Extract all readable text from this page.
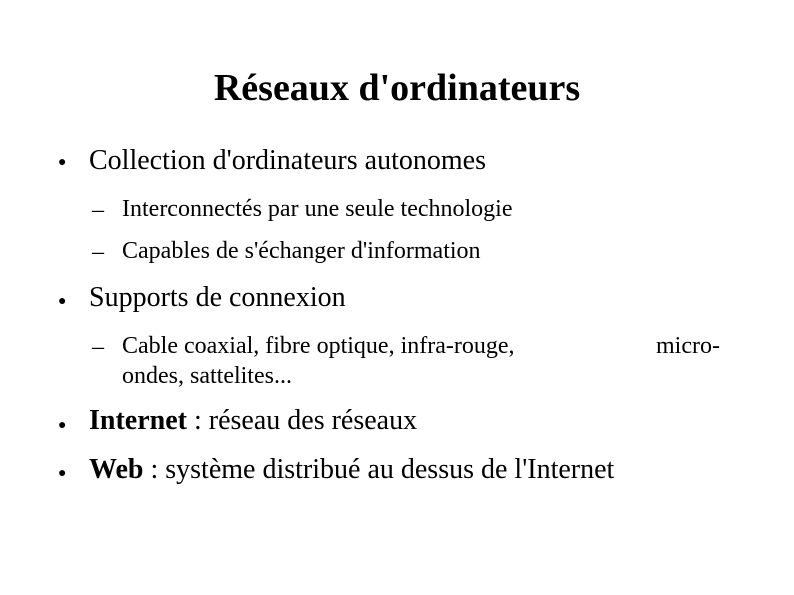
Réseaux d'ordinateurs
● Collection d'ordinateurs autonomes
– Interconnectés par une seule technologie
– Capables de s'échanger d'information
● Supports de connexion
– Cable coaxial, fibre optique, infra-rouge,	micro-
ondes, sattelites...
● Internet : réseau des réseaux
● Web : système distribué au dessus de l'Internet
